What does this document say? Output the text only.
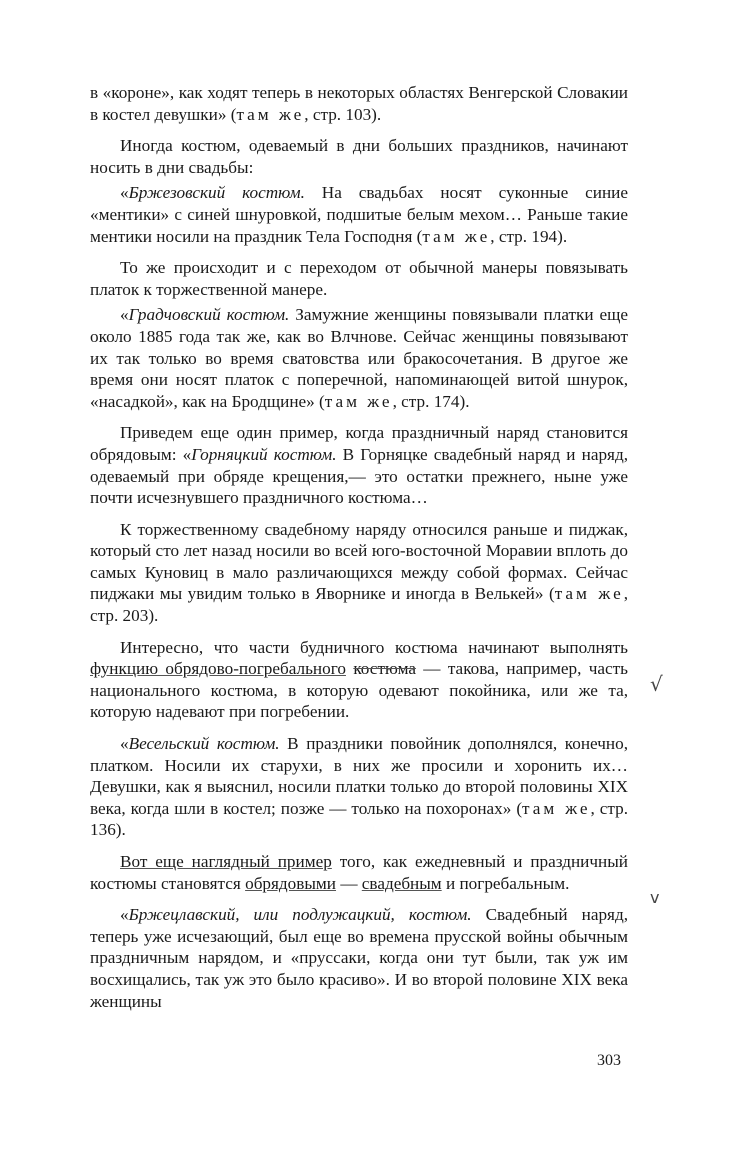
в «короне», как ходят теперь в некоторых областях Венгерской Словакии в костел девушки» (там же, стр. 103).

Иногда костюм, одеваемый в дни больших праздников, начинают носить в дни свадьбы:

«Бржезовский костюм. На свадьбах носят суконные синие «ментики» с синей шнуровкой, подшитые белым мехом… Раньше такие ментики носили на праздник Тела Господня (там же, стр. 194).

То же происходит и с переходом от обычной манеры повязывать платок к торжественной манере.

«Градчовский костюм. Замужние женщины повязывали платки еще около 1885 года так же, как во Влчнове. Сейчас женщины повязывают их так только во время сватовства или бракосочетания. В другое же время они носят платок с поперечной, напоминающей витой шнурок, «насадкой», как на Бродщине» (там же, стр. 174).

Приведем еще один пример, когда праздничный наряд становится обрядовым: «Горняцкий костюм. В Горняцке свадебный наряд и наряд, одеваемый при обряде крещения,— это остатки прежнего, ныне уже почти исчезнувшего праздничного костюма…

К торжественному свадебному наряду относился раньше и пиджак, который сто лет назад носили во всей юго-восточной Моравии вплоть до самых Куновиц в мало различающихся между собой формах. Сейчас пиджаки мы увидим только в Яворнике и иногда в Велькей» (там же, стр. 203).

Интересно, что части будничного костюма начинают выполнять функцию обрядово-погребального костюма — такова, например, часть национального костюма, в которую одевают покойника, или же та, которую надевают при погребении.

«Весельский костюм. В праздники повойник дополнялся, конечно, платком. Носили их старухи, в них же просили и хоронить их… Девушки, как я выяснил, носили платки только до второй половины XIX века, когда шли в костел; позже — только на похоронах» (там же, стр. 136).

Вот еще наглядный пример того, как ежедневный и праздничный костюмы становятся обрядовыми — свадебным и погребальным.

«Бржецлавский, или подлужацкий, костюм. Свадебный наряд, теперь уже исчезающий, был еще во времена прусской войны обычным праздничным нарядом, и «пруссаки, когда они тут были, так уж им восхищались, так уж это было красиво». И во второй половине XIX века женщины

√
v
303
